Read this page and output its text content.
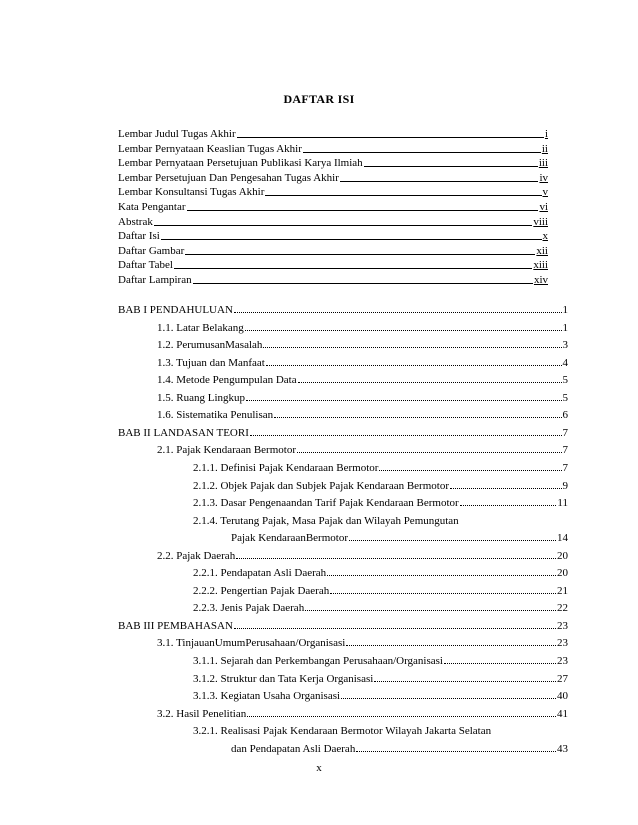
DAFTAR ISI
Lembar Judul Tugas Akhir	i
Lembar Pernyataan Keaslian Tugas Akhir	ii
Lembar Pernyataan Persetujuan Publikasi Karya Ilmiah	iii
Lembar Persetujuan Dan Pengesahan Tugas Akhir	iv
Lembar Konsultansi Tugas Akhir	v
Kata Pengantar	vi
Abstrak	viii
Daftar Isi	x
Daftar Gambar	xii
Daftar Tabel	xiii
Daftar Lampiran	xiv
BAB I PENDAHULUAN	1
1.1. Latar Belakang	1
1.2. PerumusanMasalah	3
1.3. Tujuan dan Manfaat	4
1.4. Metode Pengumpulan Data	5
1.5. Ruang Lingkup	5
1.6. Sistematika Penulisan	6
BAB II LANDASAN TEORI	7
2.1. Pajak Kendaraan Bermotor	7
2.1.1. Definisi Pajak Kendaraan Bermotor	7
2.1.2. Objek Pajak dan Subjek Pajak Kendaraan Bermotor	9
2.1.3. Dasar Pengenaandan Tarif Pajak Kendaraan Bermotor	11
2.1.4. Terutang Pajak, Masa Pajak dan Wilayah Pemungutan
Pajak KendaraanBermotor	14
2.2. Pajak Daerah	20
2.2.1. Pendapatan Asli Daerah	20
2.2.2. Pengertian Pajak Daerah	21
2.2.3. Jenis Pajak Daerah	22
BAB III PEMBAHASAN	23
3.1. TinjauanUmumPerusahaan/Organisasi	23
3.1.1. Sejarah dan Perkembangan Perusahaan/Organisasi	23
3.1.2. Struktur dan Tata Kerja Organisasi	27
3.1.3. Kegiatan Usaha Organisasi	40
3.2. Hasil Penelitian	41
3.2.1. Realisasi Pajak Kendaraan Bermotor Wilayah Jakarta Selatan
dan Pendapatan Asli Daerah	43
x
